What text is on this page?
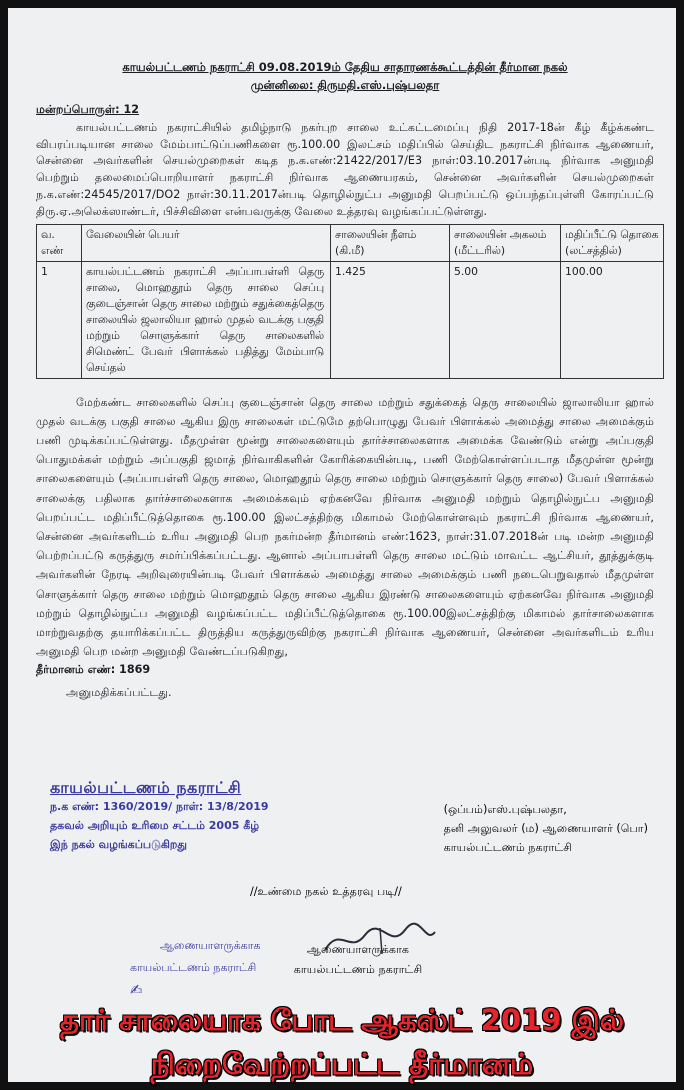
காயல்பட்டணம் நகராட்சி 09.08.2019ம் தேதிய சாதாரணக்கூட்டத்தின் தீர்மான நகல்
முன்னிலை: திருமதி.எஸ்.புஷ்பலதா
மன்றப்பொருள்: 12

காயல்பட்டணம் நகராட்சியில் தமிழ்நாடு நகர்புற சாலை உட்கட்டமைப்பு நிதி 2017-18ன் கீழ் கீழ்க்கண்ட விபரப்படியான சாலை மேம்பாட்டுப்பணிகளை ரூ.100.00 இலட்சம் மதிப்பில் செய்திட நகராட்சி நிர்வாக ஆணையர், சென்னை அவர்களின் செயல்முறைகள் கடித ந.க.எண்:21422/2017/E3 நாள்:03.10.2017ன்படி நிர்வாக அனுமதி பெற்றும் தலைமைப்பொறியாளர் நகராட்சி நிர்வாக ஆணையரகம், சென்னை அவர்களின் செயல்முறைகள் ந.க.எண்:24545/2017/DO2 நாள்:30.11.2017ன்படி தொழில்நுட்ப அனுமதி பெறப்பட்டு ஒப்பந்தப்புள்ளி கோரப்பட்டு திரு.ஏ.அலெக்ஸாண்டர், பிச்சிவிளை என்பவருக்கு வேலை உத்தரவு வழங்கப்பட்டுள்ளது.

வ. எண்	வேலையின் பெயர்	சாலையின் நீளம் (கி.மீ)	சாலையின் அகலம் (மீட்டரில்)	மதிப்பீட்டு தொகை (லட்சத்தில்)
1	காயல்பட்டணம் நகராட்சி அப்பாபள்ளி தெரு சாலை, மொஹதூம் தெரு சாலை செப்பு குடைஞ்சான் தெரு சாலை மற்றும் சதுக்கைத்தெரு சாலையில் ஜலாலியா ஹால் முதல் வடக்கு பகுதி மற்றும் சொளுக்கார் தெரு சாலைகளில் சிமெண்ட் பேவர் பிளாக்கல் பதித்து மேம்பாடு செய்தல்	1.425	5.00	100.00

மேற்கண்ட சாலைகளில் செப்பு குடைஞ்சான் தெரு சாலை மற்றும் சதுக்கைத் தெரு சாலையில் ஜாலாலியா ஹால் முதல் வடக்கு பகுதி சாலை ஆகிய இரு சாலைகள் மட்டுமே தற்பொழுது பேவர் பிளாக்கல் அமைத்து சாலை அமைக்கும் பணி முடிக்கப்பட்டுள்ளது. மீதமுள்ள மூன்று சாலைகளையும் தார்ச்சாலைகளாக அமைக்க வேண்டும் என்று அப்பகுதி பொதுமக்கள் மற்றும் அப்பகுதி ஜமாத் நிர்வாகிகளின் கோரிக்கையின்படி, பணி மேற்கொள்ளப்படாத மீதமுள்ள மூன்று சாலைகளையும் (அப்பாபள்ளி தெரு சாலை, மொஹதூம் தெரு சாலை மற்றும் சொளுக்கார் தெரு சாலை) பேவர் பிளாக்கல் சாலைக்கு பதிலாக தார்ச்சாலைகளாக அமைக்கவும் ஏற்கனவே நிர்வாக அனுமதி மற்றும் தொழில்நுட்ப அனுமதி பெறப்பட்ட மதிப்பீட்டுத்தொகை ரூ.100.00 இலட்சத்திற்கு மிகாமல் மேற்கொள்ளவும் நகராட்சி நிர்வாக ஆணையர், சென்னை அவர்களிடம் உரிய அனுமதி பெற நகர்மன்ற தீர்மானம் எண்:1623, நாள்:31.07.2018ன் படி மன்ற அனுமதி பெற்றப்பட்டு கருத்துரு சமர்ப்பிக்கப்பட்டது. ஆனால் அப்பாபள்ளி தெரு சாலை மட்டும் மாவட்ட ஆட்சியர், தூத்துக்குடி அவர்களின் நேரடி அறிவுரையின்படி பேவர் பிளாக்கல் அமைத்து சாலை அமைக்கும் பணி நடைபெறுவதால் மீதமுள்ள சொளுக்கார் தெரு சாலை மற்றும் மொஹதூம் தெரு சாலை ஆகிய இரண்டு சாலைகளையும் ஏற்கனவே நிர்வாக அனுமதி மற்றும் தொழில்நுட்ப அனுமதி வழங்கப்பட்ட மதிப்பீட்டுத்தொகை ரூ.100.00இலட்சத்திற்கு மிகாமல் தார்சாலைகளாக மாற்றுவதற்கு தயாரிக்கப்பட்ட திருத்திய கருத்துருவிற்கு நகராட்சி நிர்வாக ஆணையர், சென்னை அவர்களிடம் உரிய அனுமதி பெற மன்ற அனுமதி வேண்டப்படுகிறது,

தீர்மானம் எண்: 1869
அனுமதிக்கப்பட்டது.
(ஒப்பம்)எஸ்.புஷ்பலதா,
தனி அலுவலர் (ம) ஆணையாளர் (பொ)
காயல்பட்டணம் நகராட்சி
காயல்பட்டணம் நகராட்சி
ந.க எண்: 1360/2019/ நாள்: 13/8/2019
தகவல் அறியும் உரிமை சட்டம் 2005 கீழ்
இந் நகல் வழங்கப்படுகிறது
//உண்மை நகல் உத்தரவு படி//
ஆணையாளருக்காக
காயல்பட்டணம் நகராட்சி
✍
ஆணையாளருக்காக
காயல்பட்டணம் நகராட்சி
தார் சாலையாக போட ஆகஸ்ட் 2019 இல்
நிறைவேற்றப்பட்ட தீர்மானம்
